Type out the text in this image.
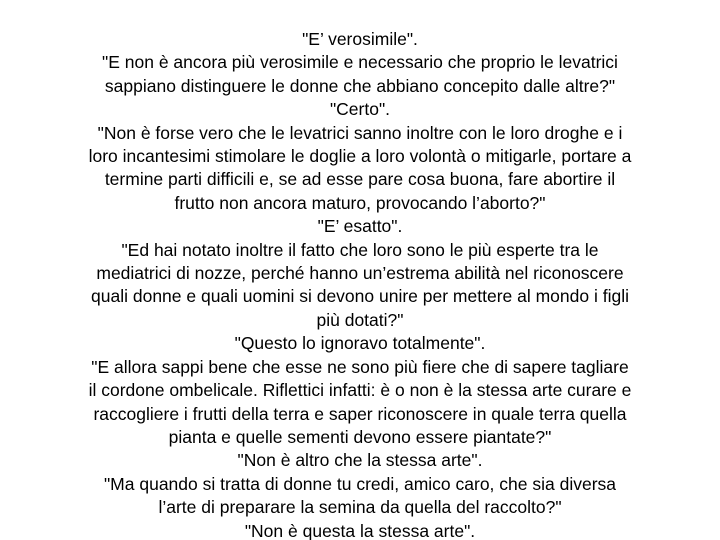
"E’ verosimile".
"E non è ancora più verosimile e necessario che proprio le levatrici
sappiano distinguere le donne che abbiano concepito dalle altre?"
"Certo".
"Non è forse vero che le levatrici sanno inoltre con le loro droghe e i
loro incantesimi stimolare le doglie a loro volontà o mitigarle, portare a
termine parti difficili e, se ad esse pare cosa buona, fare abortire il
frutto non ancora maturo, provocando l’aborto?"
"E’ esatto".
"Ed hai notato inoltre il fatto che loro sono le più esperte tra le
mediatrici di nozze, perché hanno un’estrema abilità nel riconoscere
quali donne e quali uomini si devono unire per mettere al mondo i figli
più dotati?"
"Questo lo ignoravo totalmente".
"E allora sappi bene che esse ne sono più fiere che di sapere tagliare
il cordone ombelicale. Riflettici infatti: è o non è la stessa arte curare e
raccogliere i frutti della terra e saper riconoscere in quale terra quella
pianta e quelle sementi devono essere piantate?"
"Non è altro che la stessa arte".
"Ma quando si tratta di donne tu credi, amico caro, che sia diversa
l’arte di preparare la semina da quella del raccolto?"
"Non è questa la stessa arte".
